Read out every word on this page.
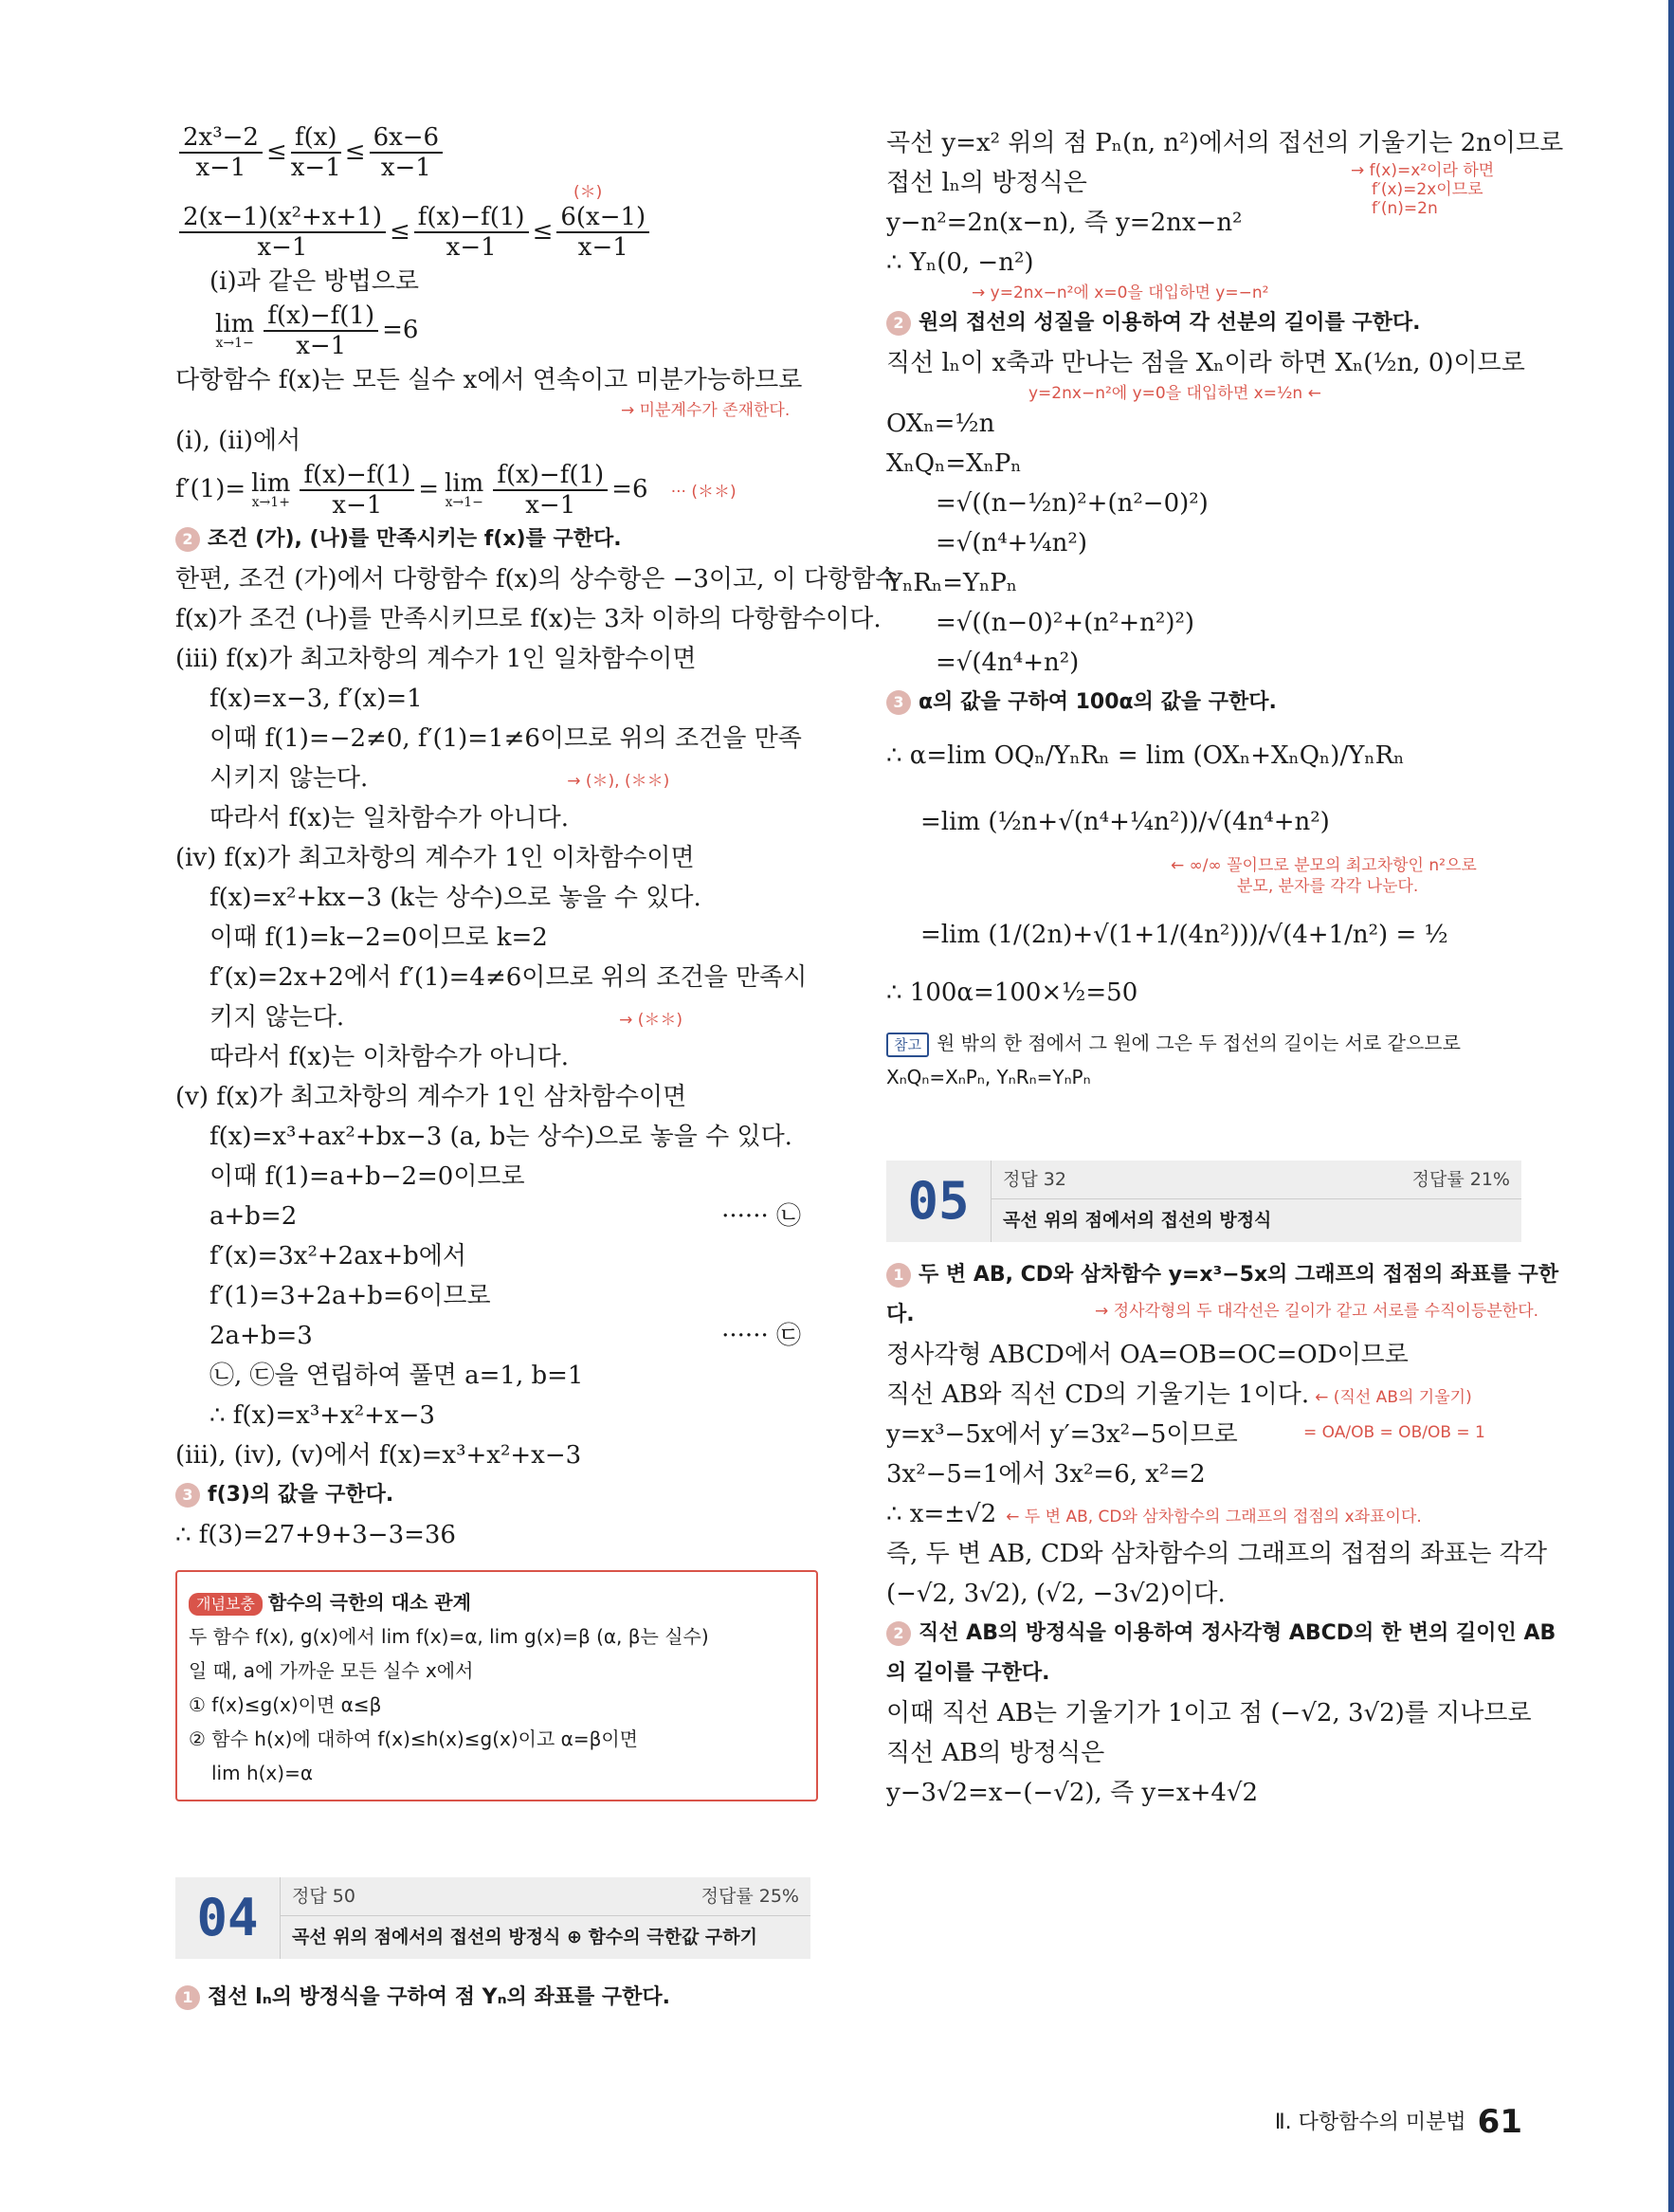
$\frac{\text{2x³−2}}{x-1} \le \frac{f(x)}{x-1} \le \frac{6x-6}{x-1}$
(＊)
$\frac{\text{2(x−1)(x²+x+1)}}{x-1} \le \frac{f(x)-f(1)}{x-1} \le \frac{6(x-1)}{x-1}$
(i)과 같은 방법으로
lim
$x\to 1- \frac{f(x)-f(1)}{x-1} =6$
다항함수 f(x)는 모든 실수 x에서 연속이고 미분가능하므로
→ 미분계수가 존재한다.
(i), (ii)에서
f′(1)= lim
$x\to 1+ \frac{f(x)-f(1)}{x-1} = \lim$
$x\to 1- \frac{f(x)-f(1)}{x-1} =6$ ··· (＊＊)
2 조건 (가), (나)를 만족시키는 f(x)를 구한다.
한편, 조건 (가)에서 다항함수 f(x)의 상수항은 −3이고, 이 다항함수
f(x)가 조건 (나)를 만족시키므로 f(x)는 3차 이하의 다항함수이다.
(iii) f(x)가 최고차항의 계수가 1인 일차함수이면
f(x)=x−3, f′(x)=1
이때 f(1)=−2≠0, f′(1)=1≠6이므로 위의 조건을 만족
시키지 않는다.	→ (＊), (＊＊)
따라서 f(x)는 일차함수가 아니다.
(iv) f(x)가 최고차항의 계수가 1인 이차함수이면
f(x)=x²+kx−3 (k는 상수)으로 놓을 수 있다.
이때 f(1)=k−2=0이므로 k=2
f′(x)=2x+2에서 f′(1)=4≠6이므로 위의 조건을 만족시
키지 않는다.	→ (＊＊)
따라서 f(x)는 이차함수가 아니다.
(v) f(x)가 최고차항의 계수가 1인 삼차함수이면
f(x)=x³+ax²+bx−3 (a, b는 상수)으로 놓을 수 있다.
이때 f(1)=a+b−2=0이므로
a+b=2	······ ㉡
f′(x)=3x²+2ax+b에서
f′(1)=3+2a+b=6이므로
2a+b=3	······ ㉢
㉡, ㉢을 연립하여 풀면 a=1, b=1
∴ f(x)=x³+x²+x−3
(iii), (iv), (v)에서 f(x)=x³+x²+x−3
3 f(3)의 값을 구한다.
∴ f(3)=27+9+3−3=36
개념보충 함수의 극한의 대소 관계
두 함수 f(x), g(x)에서 lim f(x)=α, lim g(x)=β (α, β는 실수)
일 때, a에 가까운 모든 실수 x에서
① f(x)≤g(x)이면 α≤β
② 함수 h(x)에 대하여 f(x)≤h(x)≤g(x)이고 α=β이면
lim h(x)=α
04	정답 50	정답률 25%
곡선 위의 점에서의 접선의 방정식 ⊕ 함수의 극한값 구하기
1 접선 lₙ의 방정식을 구하여 점 Yₙ의 좌표를 구한다.
곡선 y=x² 위의 점 Pₙ(n, n²)에서의 접선의 기울기는 2n이므로
접선 lₙ의 방정식은	→ f(x)=x²이라 하면
f′(x)=2x이므로
f′(n)=2n
y−n²=2n(x−n), 즉 y=2nx−n²
∴ Yₙ(0, −n²)
→ y=2nx−n²에 x=0을 대입하면 y=−n²
2 원의 접선의 성질을 이용하여 각 선분의 길이를 구한다.
직선 lₙ이 x축과 만나는 점을 Xₙ이라 하면 Xₙ(½n, 0)이므로
y=2nx−n²에 y=0을 대입하면 x=½n ←
OXₙ=½n
XₙQₙ=XₙPₙ
=√((n−½n)²+(n²−0)²)
=√(n⁴+¼n²)
YₙRₙ=YₙPₙ
=√((n−0)²+(n²+n²)²)
=√(4n⁴+n²)
3 α의 값을 구하여 100α의 값을 구한다.
∴ α=lim OQₙ/YₙRₙ = lim (OXₙ+XₙQₙ)/YₙRₙ
=lim (½n+√(n⁴+¼n²))/√(4n⁴+n²)
← ∞/∞ 꼴이므로 분모의 최고차항인 n²으로
분모, 분자를 각각 나눈다.
=lim (1/(2n)+√(1+1/(4n²)))/√(4+1/n²) = ½
∴ 100α=100×½=50
참고 원 밖의 한 점에서 그 원에 그은 두 접선의 길이는 서로 같으므로
XₙQₙ=XₙPₙ, YₙRₙ=YₙPₙ
05	정답 32	정답률 21%
곡선 위의 점에서의 접선의 방정식
1 두 변 AB, CD와 삼차함수 y=x³−5x의 그래프의 접점의 좌표를 구한
다.	→ 정사각형의 두 대각선은 길이가 같고 서로를 수직이등분한다.
정사각형 ABCD에서 OA=OB=OC=OD이므로
직선 AB와 직선 CD의 기울기는 1이다. ← (직선 AB의 기울기)
y=x³−5x에서 y′=3x²−5이므로	= OA/OB = OB/OB = 1
3x²−5=1에서 3x²=6, x²=2
∴ x=±√2 ← 두 변 AB, CD와 삼차함수의 그래프의 접점의 x좌표이다.
즉, 두 변 AB, CD와 삼차함수의 그래프의 접점의 좌표는 각각
(−√2, 3√2), (√2, −3√2)이다.
2 직선 AB의 방정식을 이용하여 정사각형 ABCD의 한 변의 길이인 AB
의 길이를 구한다.
이때 직선 AB는 기울기가 1이고 점 (−√2, 3√2)를 지나므로
직선 AB의 방정식은
y−3√2=x−(−√2), 즉 y=x+4√2
Ⅱ. 다항함수의 미분법 61
